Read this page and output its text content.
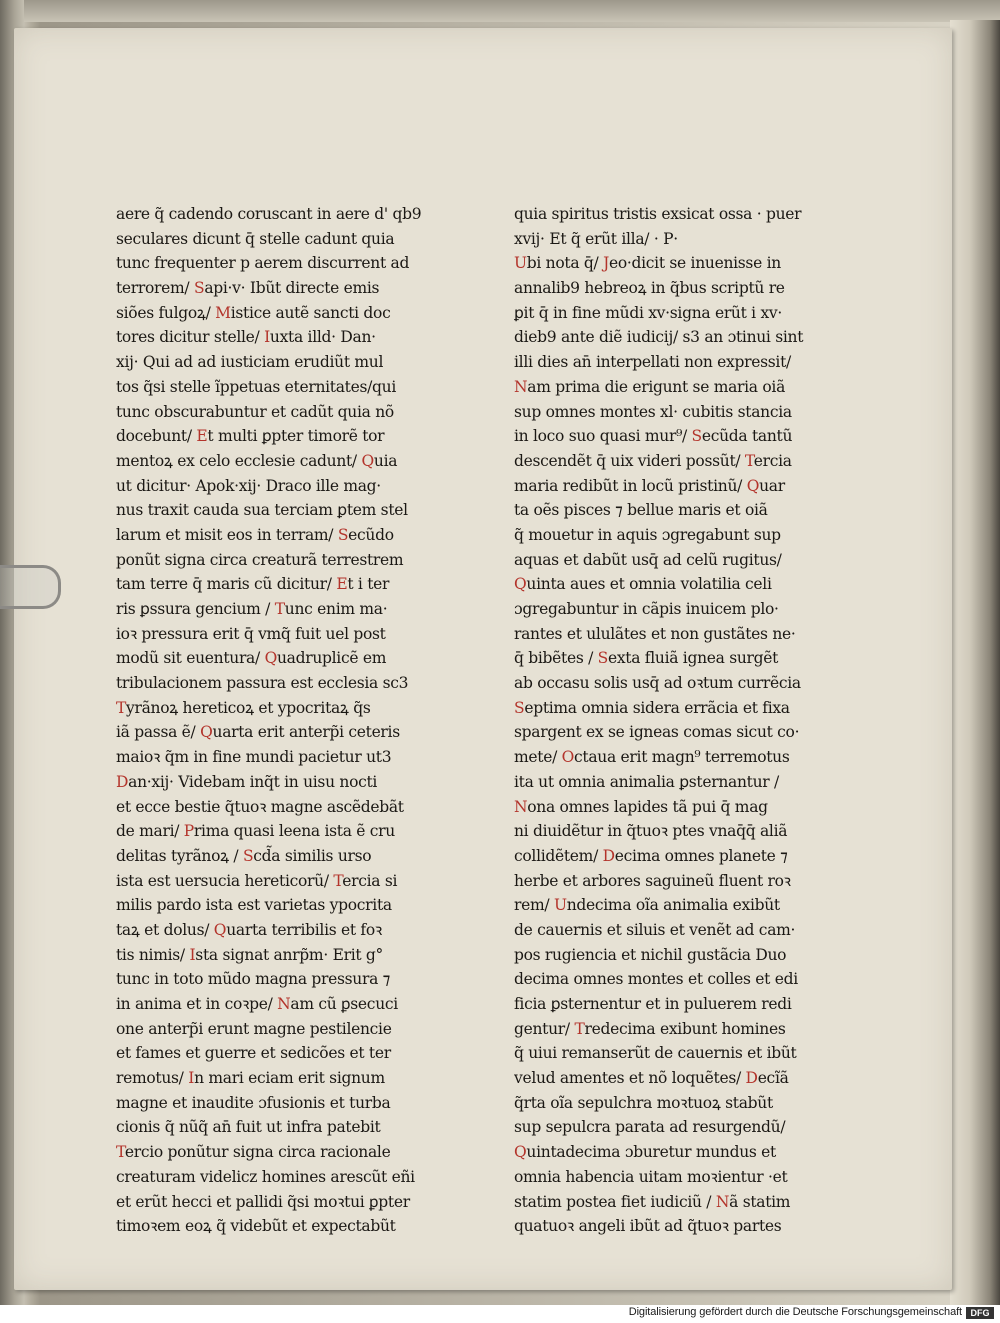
aere q̃ cadendo coruscant in aere d' qb9
seculares dicunt q̄ stelle cadunt quia
tunc frequenter p aerem discurrent ad
terrorem/ Sapi·v· Ibũt directe emis
siões fulgoꝝ/ Mistice autẽ sancti doc
tores dicitur stelle/ Iuxta illd· Dan·
xij· Qui ad ad iusticiam erudiũt mul
tos q̃si stelle ĩppetuas eternitates/qui
tunc obscurabuntur et cadũt quia nõ
docebunt/ Et multi ꝑpter timorẽ tor
mentoꝝ ex celo ecclesie cadunt/ Quia
ut dicitur· Apok·xij· Draco ille mag·
nus traxit cauda sua terciam ꝑtem stel
larum et misit eos in terram/ Secũdo
ponũt signa circa creaturã terrestrem
tam terre q̄ maris cũ dicitur/ Et i ter
ris ꝑssura gencium / Tunc enim ma·
ioꝛ pressura erit q̄ vmq̃ fuit uel post
modũ sit euentura/ Quadruplicẽ em
tribulacionem passura est ecclesia sc3
Tyrãnoꝝ hereticoꝝ et ypocritaꝝ q̃s
iã passa ẽ/ Quarta erit anterp̃i ceteris
maioꝛ q̃m in fine mundi pacietur ut3
Dan·xij· Videbam inq̃t in uisu nocti
et ecce bestie q̃tuoꝛ magne ascẽdebãt
de mari/ Prima quasi leena ista ẽ cru
delitas tyrãnoꝝ / Scd̃a similis urso
ista est uersucia hereticorũ/ Tercia si
milis pardo ista est varietas ypocrita
taꝝ et dolus/ Quarta terribilis et foꝛ
tis nimis/ Ista signat anrp̃m· Erit g°
tunc in toto mũdo magna pressura ⁊
in anima et in coꝛpe/ Nam cũ ꝑsecuci
one anterp̃i erunt magne pestilencie
et fames et guerre et sedicões et ter
remotus/ In mari eciam erit signum
magne et inaudite ɔfusionis et turba
cionis q̃ nũq̃ an̄ fuit ut infra patebit
Tercio ponũtur signa circa racionale
creaturam videlicz homines arescũt eñi
et erũt hecci et pallidi q̃si moꝛtui ꝑpter
timoꝛem eoꝝ q̃ videbũt et expectabũt
quia spiritus tristis exsicat ossa · puer
xvij· Et q̃ erũt illa/ · P·
Ubi nota q̄/ Jeo·dicit se inuenisse in
annalib9 hebreoꝝ in q̃bus scriptũ re
ꝑit q̄ in fine mũdi xv·signa erũt i xv·
dieb9 ante diẽ iudicij/ s3 an ɔtinui sint
illi dies an̄ interpellati non expressit/
Nam prima die erigunt se maria oiã
sup omnes montes xl· cubitis stancia
in loco suo quasi mur⁹/ Secũda tantũ
descendẽt q̄ uix videri possũt/ Tercia
maria redibũt in locũ pristinũ/ Quar
ta oẽs pisces ⁊ bellue maris et oiã
q̃ mouetur in aquis ɔgregabunt sup
aquas et dabũt usq̄ ad celũ rugitus/
Quinta aues et omnia volatilia celi
ɔgregabuntur in cãpis inuicem plo·
rantes et ululãtes et non gustãtes ne·
q̄ bibẽtes / Sexta fluiã ignea surgẽt
ab occasu solis usq̄ ad oꝛtum currẽcia
Septima omnia sidera errãcia et fixa
spargent ex se igneas comas sicut co·
mete/ Octaua erit magn⁹ terremotus
ita ut omnia animalia ꝑsternantur /
Nona omnes lapides tã pui q̄ mag
ni diuidẽtur in q̃tuoꝛ ptes vnaq̄q̄ aliã
collidẽtem/ Decima omnes planete ⁊
herbe et arbores saguineũ fluent roꝛ
rem/ Undecima oĩa animalia exibũt
de cauernis et siluis et venẽt ad cam·
pos rugiencia et nichil gustãcia Duo
decima omnes montes et colles et edi
ficia ꝑsternentur et in puluerem redi
gentur/ Tredecima exibunt homines
q̃ uiui remanserũt de cauernis et ibũt
velud amentes et nõ loquẽtes/ Decĩã
q̃rta oĩa sepulchra moꝛtuoꝝ stabũt
sup sepulcra parata ad resurgendũ/
Quintadecima ɔburetur mundus et
omnia habencia uitam moꝛientur ·et
statim postea fiet iudiciũ / Nã statim
quatuoꝛ angeli ibũt ad q̃tuoꝛ partes
Digitalisierung gefördert durch die Deutsche Forschungsgemeinschaft DFG
